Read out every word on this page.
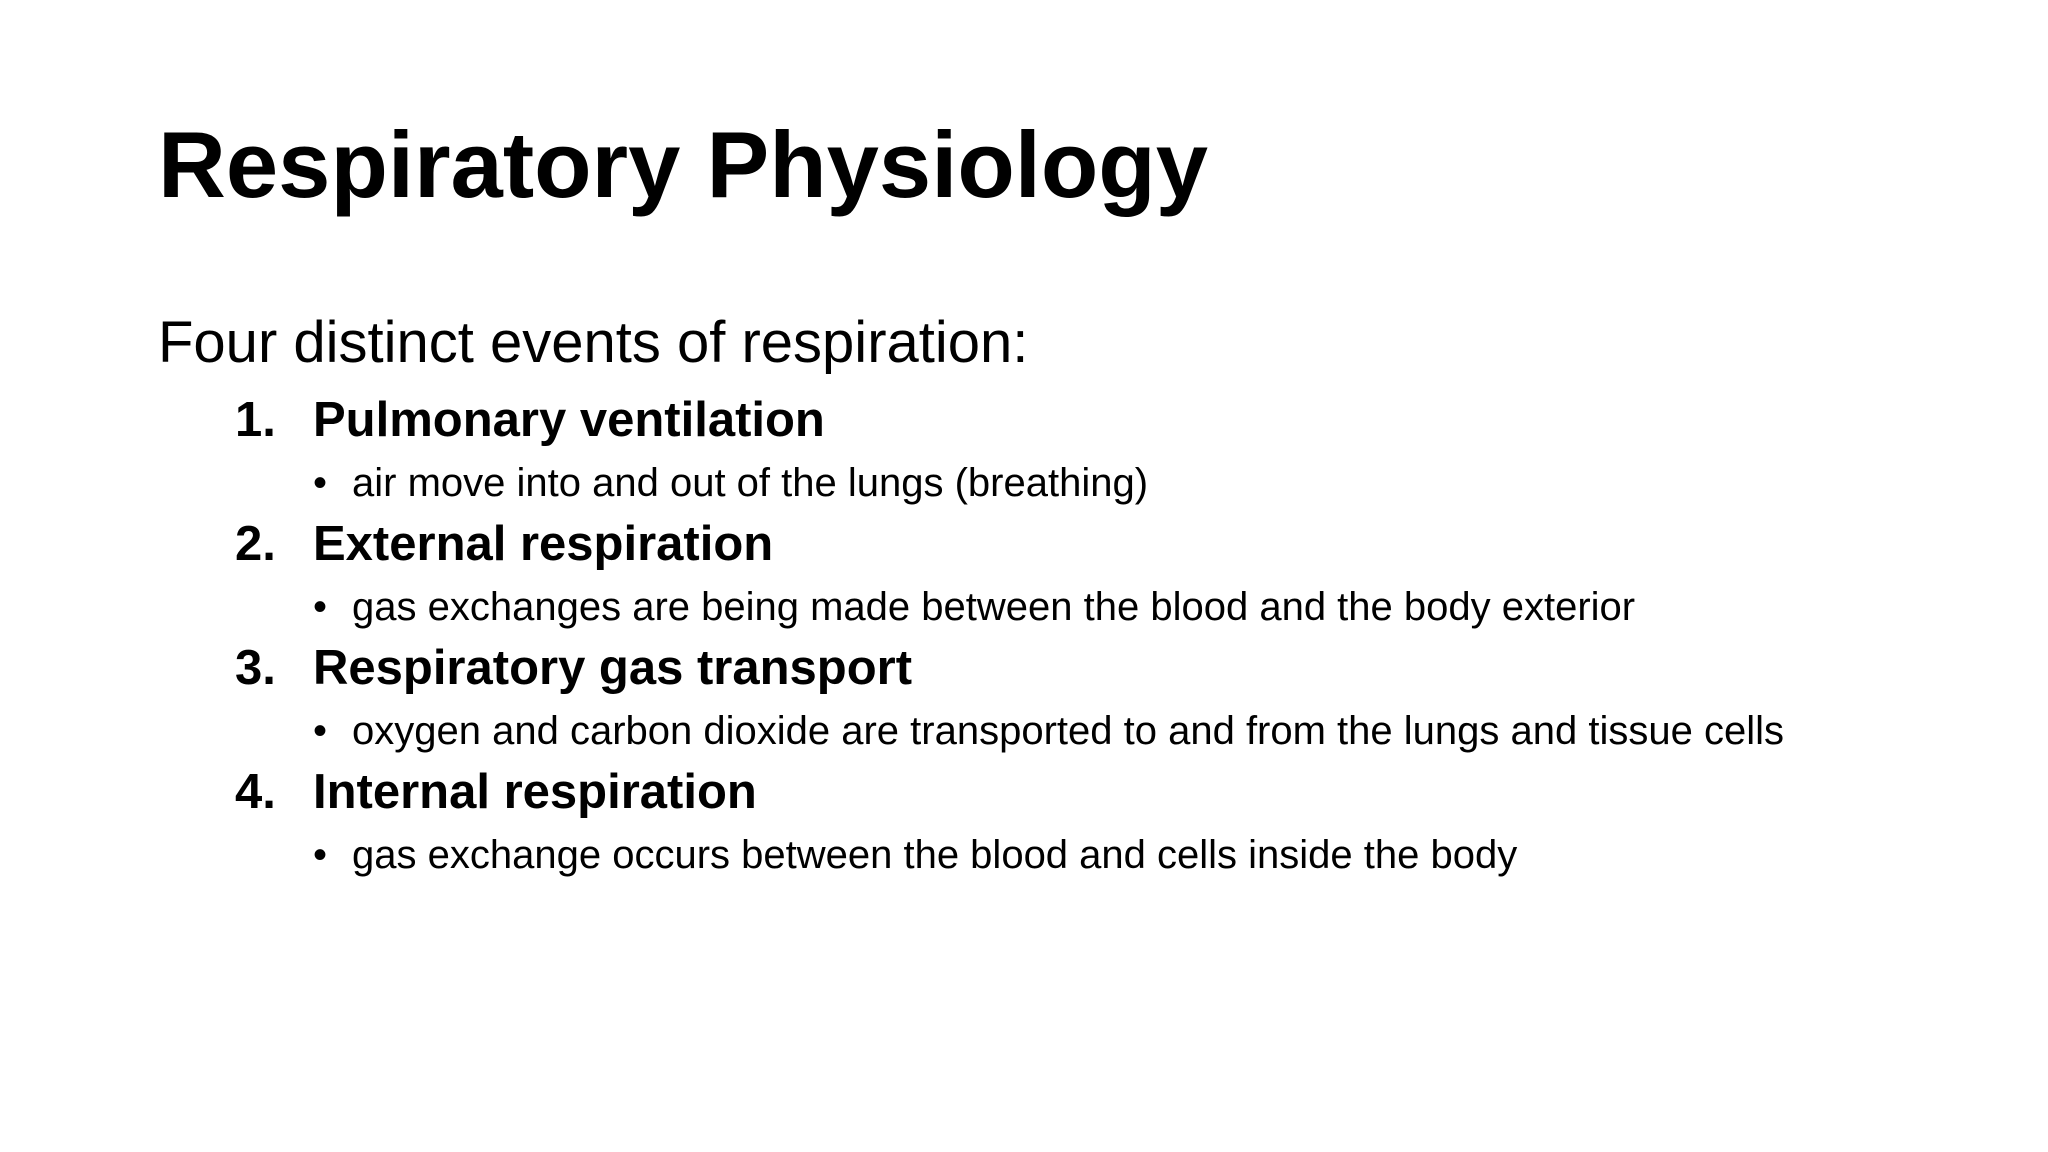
Respiratory Physiology

Four distinct events of respiration:

1. Pulmonary ventilation
• air move into and out of the lungs (breathing)
2. External respiration
• gas exchanges are being made between the blood and the body exterior
3. Respiratory gas transport
• oxygen and carbon dioxide are transported to and from the lungs and tissue cells
4. Internal respiration
• gas exchange occurs between the blood and cells inside the body
